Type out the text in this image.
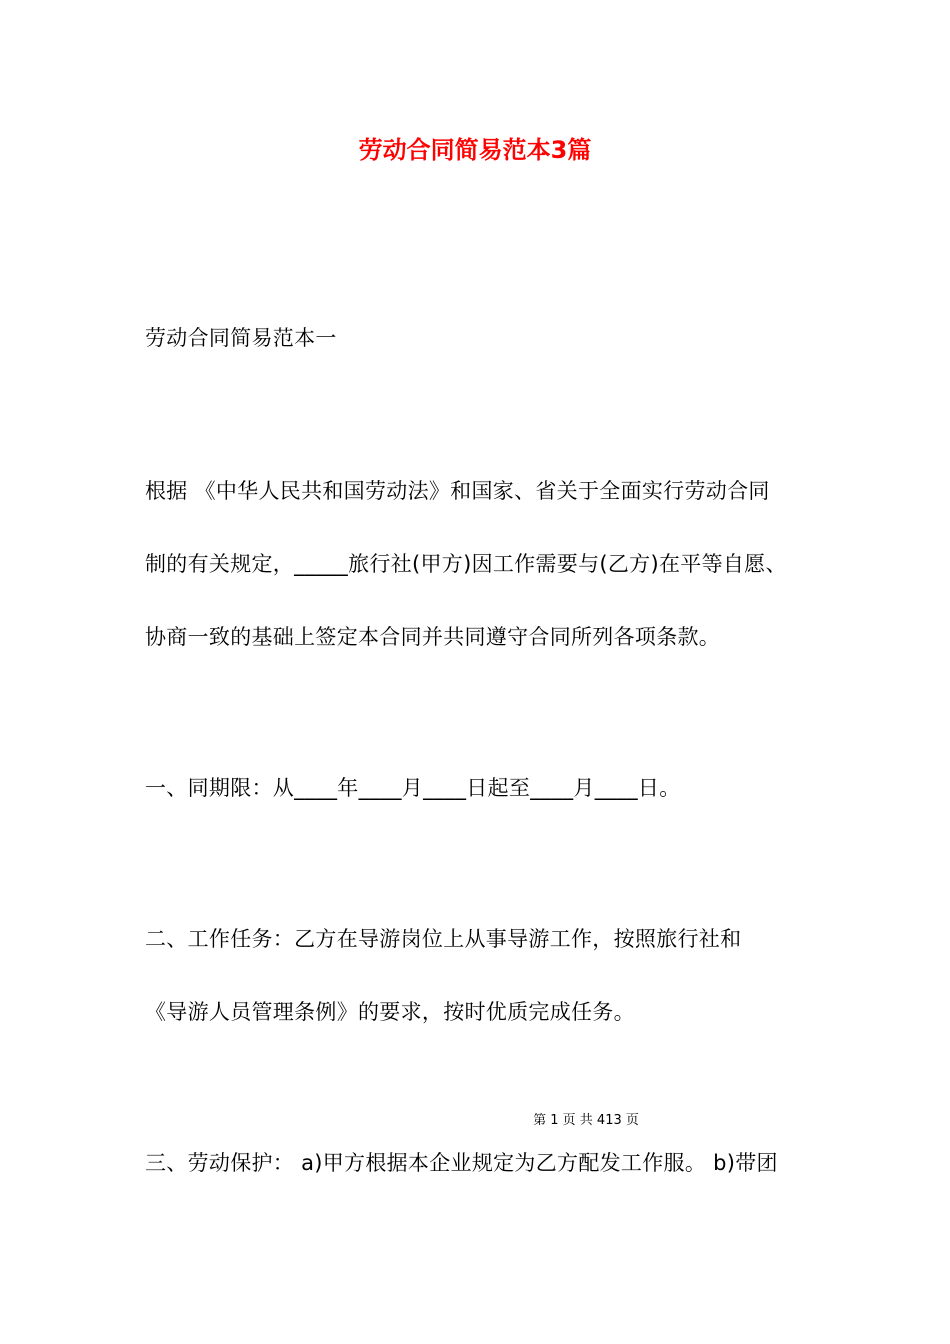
劳动合同简易范本3篇
劳动合同简易范本一
根据 《中华人民共和国劳动法》和国家、省关于全面实行劳动合同
制的有关规定，_____旅行社(甲方)因工作需要与(乙方)在平等自愿、
协商一致的基础上签定本合同并共同遵守合同所列各项条款。
一、同期限：从____年____月____日起至____月____日。
二、工作任务：乙方在导游岗位上从事导游工作，按照旅行社和
《导游人员管理条例》的要求，按时优质完成任务。
第 1 页 共 413 页
三、劳动保护： a)甲方根据本企业规定为乙方配发工作服。 b)带团
